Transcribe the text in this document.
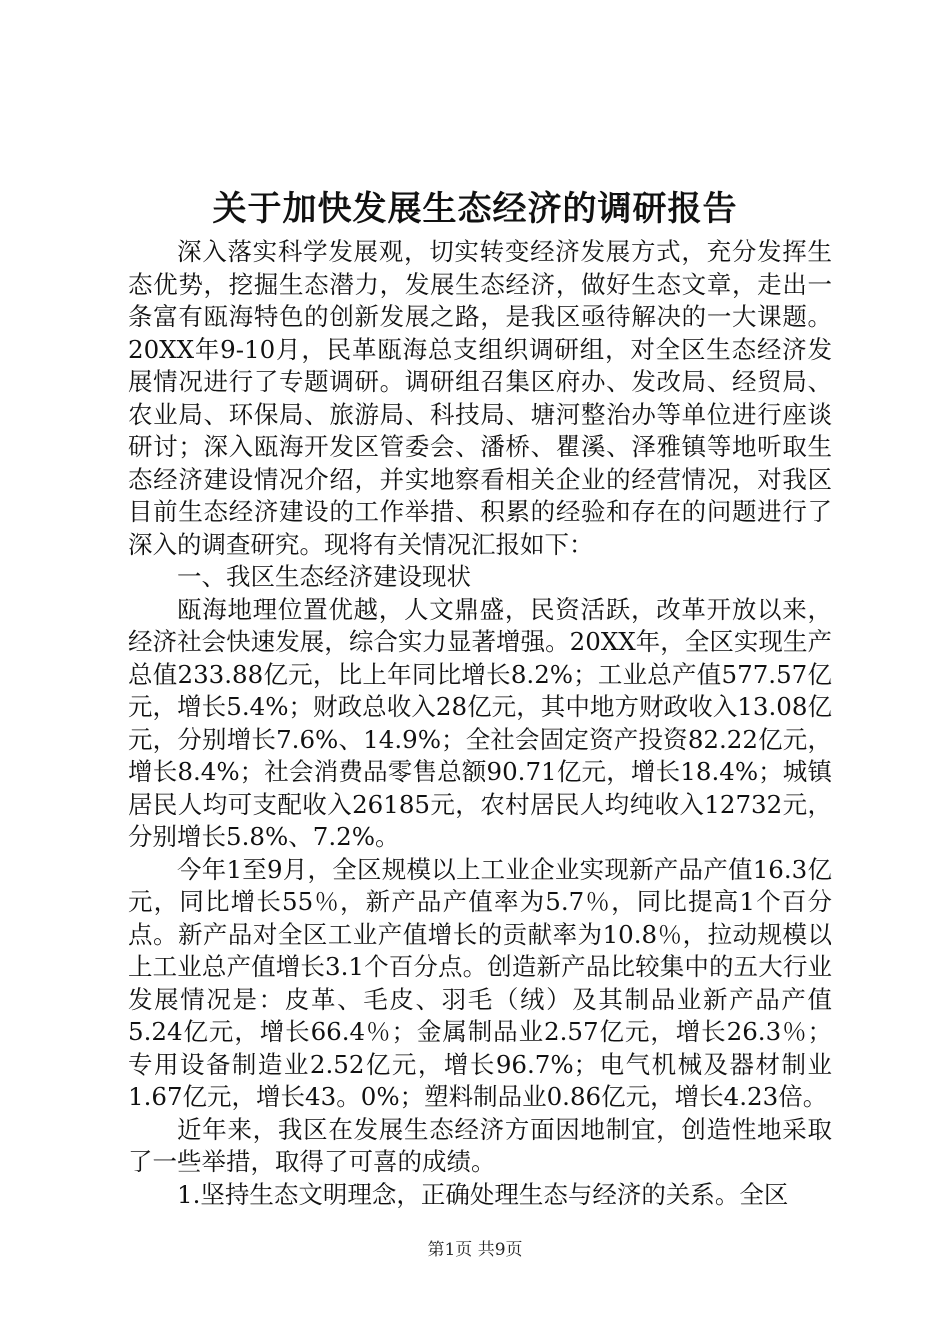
关于加快发展生态经济的调研报告

深入落实科学发展观，切实转变经济发展方式，充分发挥生态优势，挖掘生态潜力，发展生态经济，做好生态文章，走出一条富有瓯海特色的创新发展之路，是我区亟待解决的一大课题。20XX年9-10月，民革瓯海总支组织调研组，对全区生态经济发展情况进行了专题调研。调研组召集区府办、发改局、经贸局、农业局、环保局、旅游局、科技局、塘河整治办等单位进行座谈研讨；深入瓯海开发区管委会、潘桥、瞿溪、泽雅镇等地听取生态经济建设情况介绍，并实地察看相关企业的经营情况，对我区目前生态经济建设的工作举措、积累的经验和存在的问题进行了深入的调查研究。现将有关情况汇报如下：

一、我区生态经济建设现状

瓯海地理位置优越，人文鼎盛，民资活跃，改革开放以来，经济社会快速发展，综合实力显著增强。20XX年，全区实现生产总值233.88亿元，比上年同比增长8.2%；工业总产值577.57亿元，增长5.4%；财政总收入28亿元，其中地方财政收入13.08亿元，分别增长7.6%、14.9%；全社会固定资产投资82.22亿元，增长8.4%；社会消费品零售总额90.71亿元，增长18.4%；城镇居民人均可支配收入26185元，农村居民人均纯收入12732元，分别增长5.8%、7.2%。

今年1至9月，全区规模以上工业企业实现新产品产值16.3亿元，同比增长55％，新产品产值率为5.7％，同比提高1个百分点。新产品对全区工业产值增长的贡献率为10.8％，拉动规模以上工业总产值增长3.1个百分点。创造新产品比较集中的五大行业发展情况是：皮革、毛皮、羽毛（绒）及其制品业新产品产值5.24亿元，增长66.4％；金属制品业2.57亿元，增长26.3％；专用设备制造业2.52亿元，增长96.7%；电气机械及器材制业1.67亿元，增长43。0%；塑料制品业0.86亿元，增长4.23倍。

近年来，我区在发展生态经济方面因地制宜，创造性地采取了一些举措，取得了可喜的成绩。

1.坚持生态文明理念，正确处理生态与经济的关系。全区

第1页 共9页
